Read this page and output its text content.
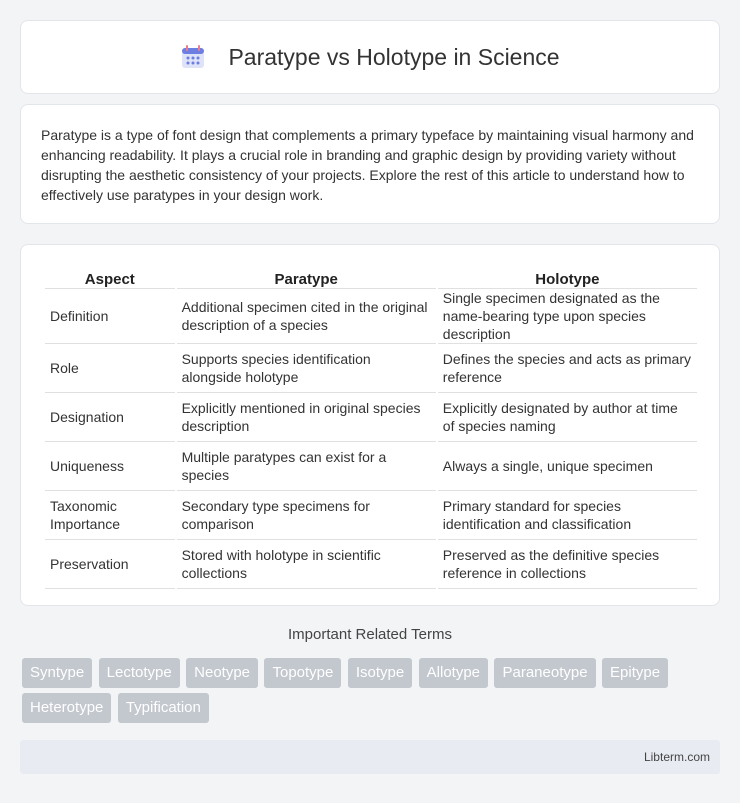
Paratype vs Holotype in Science

Paratype is a type of font design that complements a primary typeface by maintaining visual harmony and enhancing readability. It plays a crucial role in branding and graphic design by providing variety without disrupting the aesthetic consistency of your projects. Explore the rest of this article to understand how to effectively use paratypes in your design work.

Aspect	Paratype	Holotype
Definition	Additional specimen cited in the original description of a species	Single specimen designated as the name-bearing type upon species description
Role	Supports species identification alongside holotype	Defines the species and acts as primary reference
Designation	Explicitly mentioned in original species description	Explicitly designated by author at time of species naming
Uniqueness	Multiple paratypes can exist for a species	Always a single, unique specimen
Taxonomic Importance	Secondary type specimens for comparison	Primary standard for species identification and classification
Preservation	Stored with holotype in scientific collections	Preserved as the definitive species reference in collections
Important Related Terms
Syntype Lectotype Neotype Topotype Isotype Allotype Paraneotype Epitype Heterotype Typification
Libterm.com
